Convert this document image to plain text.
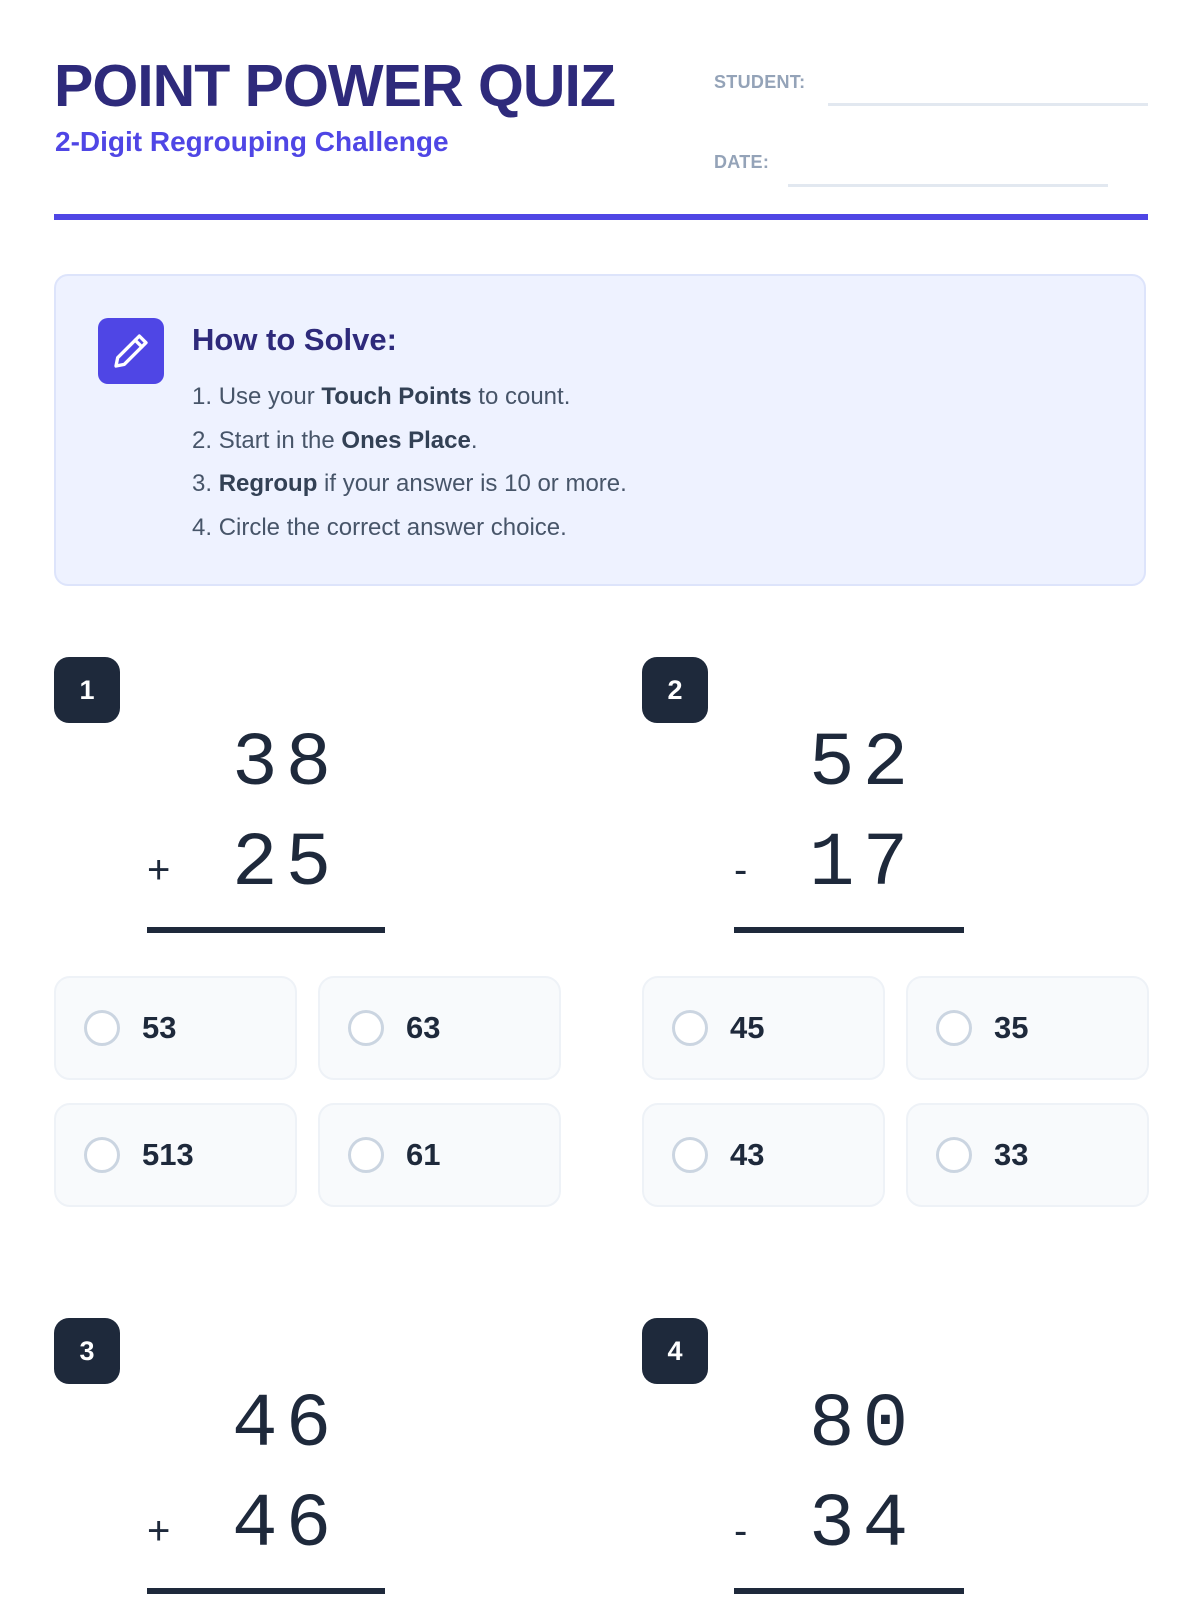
POINT POWER QUIZ
2-Digit Regrouping Challenge
STUDENT:
DATE:
How to Solve:
1. Use your Touch Points to count.
2. Start in the Ones Place.
3. Regroup if your answer is 10 or more.
4. Circle the correct answer choice.
1
38
+ 25
53	63
513	61
2
52
- 17
45	35
43	33
3
46
+ 46
4
80
- 34
